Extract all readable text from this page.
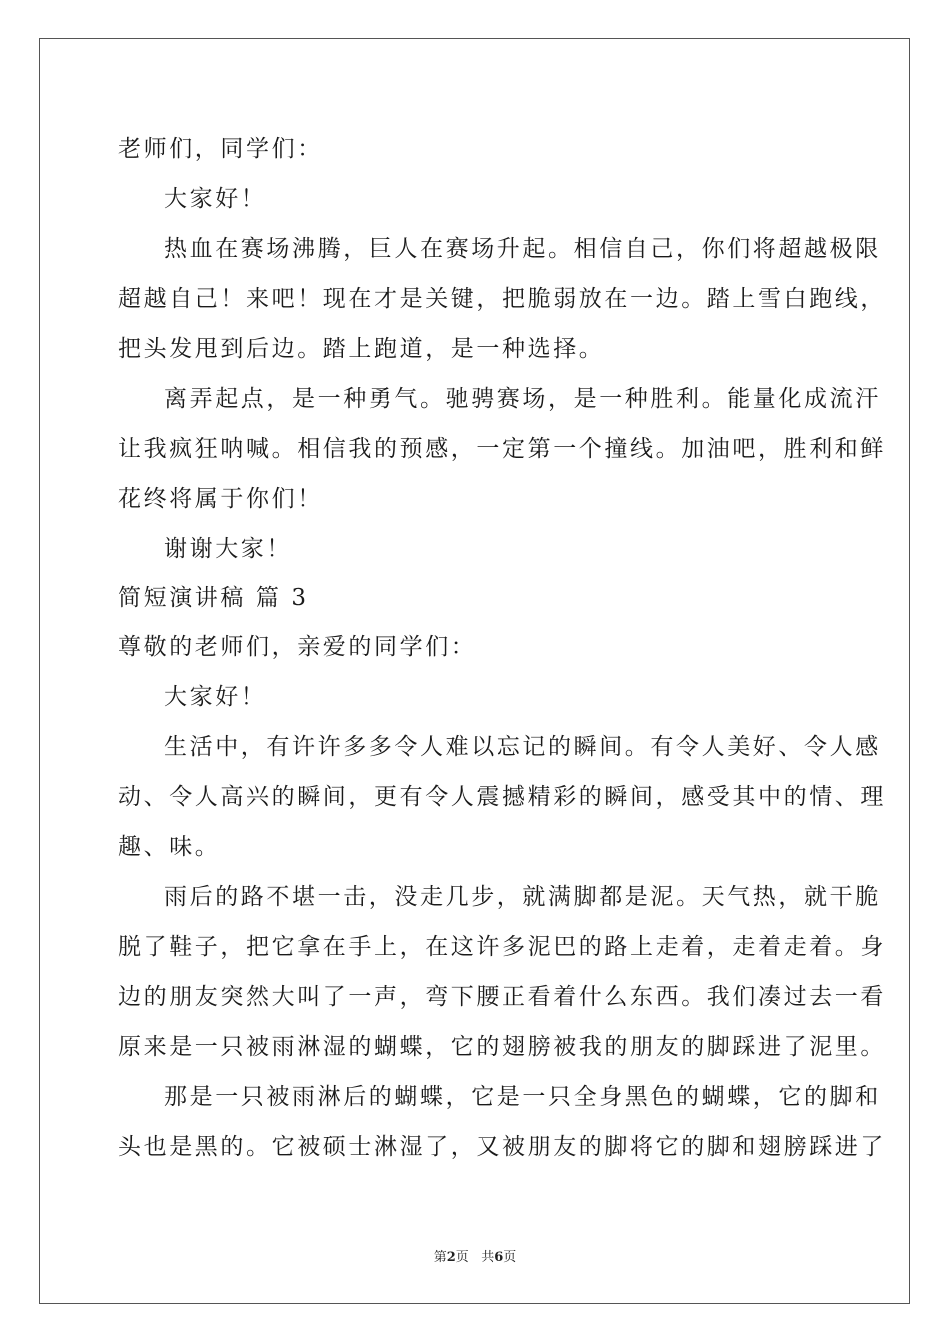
老师们，同学们：
大家好！
热血在赛场沸腾，巨人在赛场升起。相信自己，你们将超越极限
超越自己！来吧！现在才是关键，把脆弱放在一边。踏上雪白跑线，
把头发甩到后边。踏上跑道，是一种选择。
离弄起点，是一种勇气。驰骋赛场，是一种胜利。能量化成流汗
让我疯狂呐喊。相信我的预感，一定第一个撞线。加油吧，胜利和鲜
花终将属于你们！
谢谢大家！
简短演讲稿 篇 3
尊敬的老师们，亲爱的同学们：
大家好！
生活中，有许许多多令人难以忘记的瞬间。有令人美好、令人感
动、令人高兴的瞬间，更有令人震撼精彩的瞬间，感受其中的情、理
趣、味。
雨后的路不堪一击，没走几步，就满脚都是泥。天气热，就干脆
脱了鞋子，把它拿在手上，在这许多泥巴的路上走着，走着走着。身
边的朋友突然大叫了一声，弯下腰正看着什么东西。我们凑过去一看
原来是一只被雨淋湿的蝴蝶，它的翅膀被我的朋友的脚踩进了泥里。
那是一只被雨淋后的蝴蝶，它是一只全身黑色的蝴蝶，它的脚和
头也是黑的。它被硕士淋湿了，又被朋友的脚将它的脚和翅膀踩进了
第2页   共6页
